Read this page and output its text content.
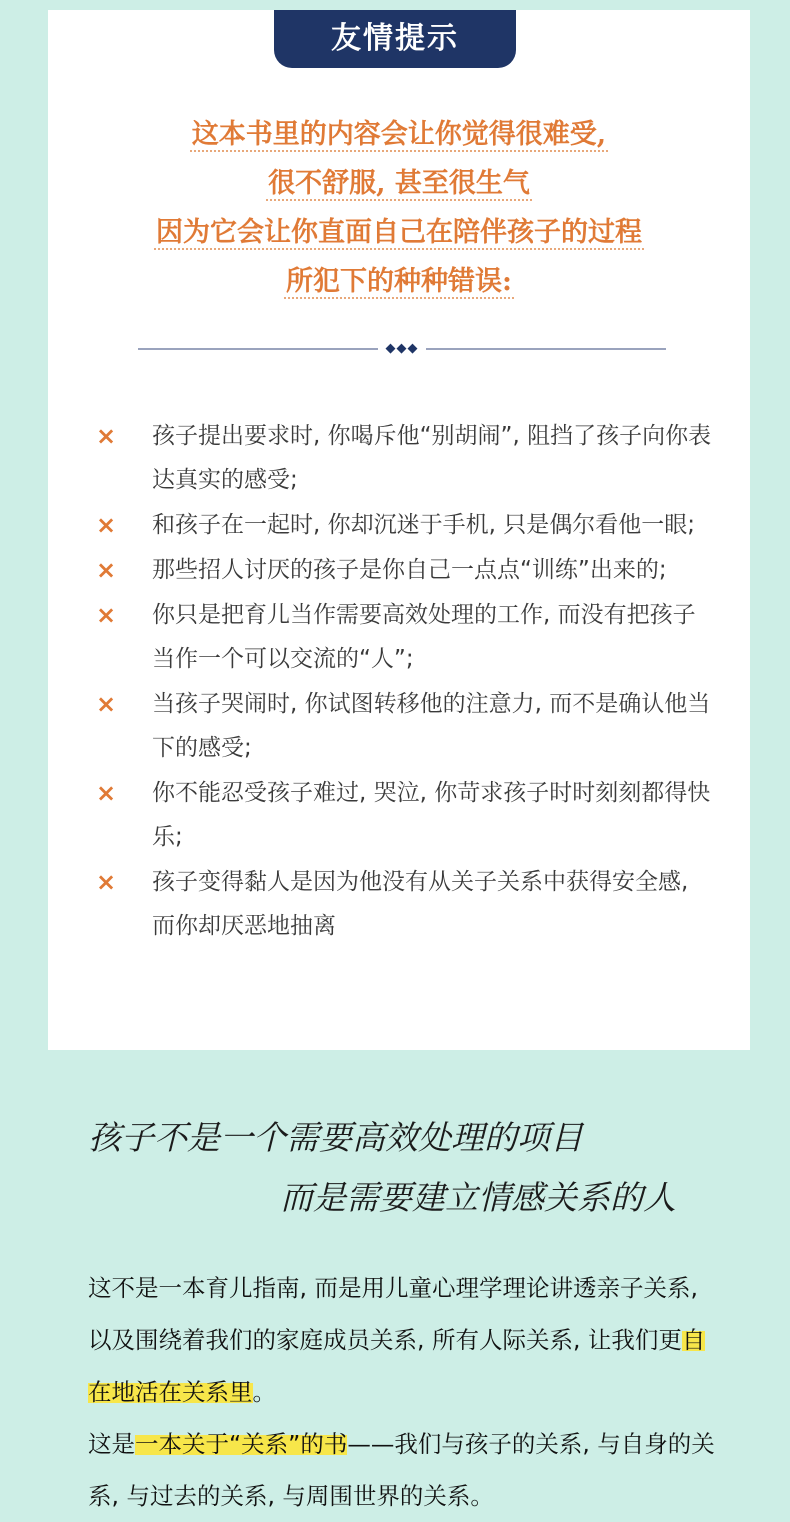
友情提示
这本书里的内容会让你觉得很难受,
很不舒服, 甚至很生气
因为它会让你直面自己在陪伴孩子的过程
所犯下的种种错误:
◆◆◆
× 孩子提出要求时, 你喝斥他“别胡闹”, 阻挡了孩子向你表达真实的感受;
× 和孩子在一起时, 你却沉迷于手机, 只是偶尔看他一眼;
× 那些招人讨厌的孩子是你自己一点点“训练”出来的;
× 你只是把育儿当作需要高效处理的工作, 而没有把孩子当作一个可以交流的“人”;
× 当孩子哭闹时, 你试图转移他的注意力, 而不是确认他当下的感受;
× 你不能忍受孩子难过, 哭泣, 你苛求孩子时时刻刻都得快乐;
× 孩子变得黏人是因为他没有从关子关系中获得安全感, 而你却厌恶地抽离
孩子不是一个需要高效处理的项目
而是需要建立情感关系的人

这不是一本育儿指南, 而是用儿童心理学理论讲透亲子关系, 以及围绕着我们的家庭成员关系, 所有人际关系, 让我们更自在地活在关系里。

这是一本关于“关系”的书——我们与孩子的关系, 与自身的关系, 与过去的关系, 与周围世界的关系。
